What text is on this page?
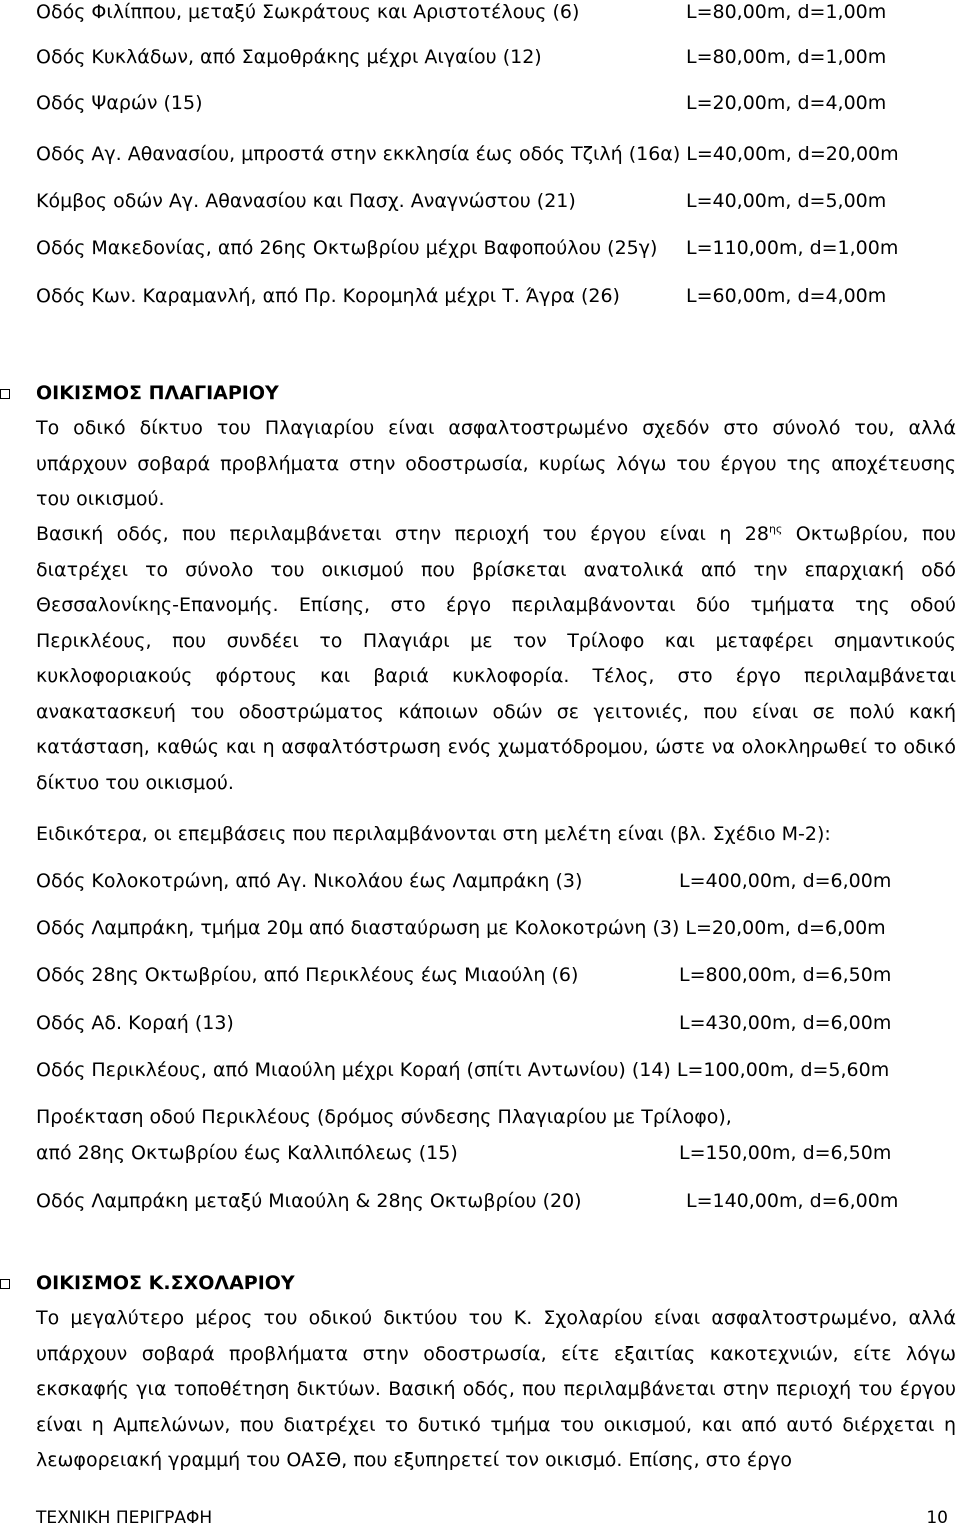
Οδός Φιλίππου, μεταξύ Σωκράτους και Αριστοτέλους (6)	L=80,00m, d=1,00m
Οδός Κυκλάδων, από Σαμοθράκης μέχρι Αιγαίου (12)	L=80,00m, d=1,00m
Οδός Ψαρών (15)	L=20,00m, d=4,00m
Οδός Αγ. Αθανασίου, μπροστά στην εκκλησία έως οδός Τζιλή (16α) L=40,00m, d=20,00m
Κόμβος οδών Αγ. Αθανασίου και Πασχ. Αναγνώστου (21)	L=40,00m, d=5,00m
Οδός Μακεδονίας, από 26ης Οκτωβρίου μέχρι Βαφοπούλου (25γ) L=110,00m, d=1,00m
Οδός Κων. Καραμανλή, από Πρ. Κορομηλά μέχρι Τ. Άγρα (26)	L=60,00m, d=4,00m
ΟΙΚΙΣΜΟΣ ΠΛΑΓΙΑΡΙΟΥ
Το οδικό δίκτυο του Πλαγιαρίου είναι ασφαλτοστρωμένο σχεδόν στο σύνολό του, αλλά υπάρχουν σοβαρά προβλήματα στην οδοστρωσία, κυρίως λόγω του έργου της αποχέτευσης του οικισμού.
Βασική οδός, που περιλαμβάνεται στην περιοχή του έργου είναι η $28^{\eta\varsigma}$ Οκτωβρίου, που διατρέχει το σύνολο του οικισμού που βρίσκεται ανατολικά από την επαρχιακή οδό Θεσσαλονίκης-Επανομής. Επίσης, στο έργο περιλαμβάνονται δύο τμήματα της οδού Περικλέους, που συνδέει το Πλαγιάρι με τον Τρίλοφο και μεταφέρει σημαντικούς κυκλοφοριακούς φόρτους και βαριά κυκλοφορία. Τέλος, στο έργο περιλαμβάνεται ανακατασκευή του οδοστρώματος κάποιων οδών σε γειτονιές, που είναι σε πολύ κακή κατάσταση, καθώς και η ασφαλτόστρωση ενός χωματόδρομου, ώστε να ολοκληρωθεί το οδικό δίκτυο του οικισμού.
Ειδικότερα, οι επεμβάσεις που περιλαμβάνονται στη μελέτη είναι (βλ. Σχέδιο Μ-2):
Οδός Κολοκοτρώνη, από Αγ. Νικολάου έως Λαμπράκη (3)	L=400,00m, d=6,00m
Οδός Λαμπράκη, τμήμα 20μ από διασταύρωση με Κολοκοτρώνη (3) L=20,00m, d=6,00m
Οδός 28ης Οκτωβρίου, από Περικλέους έως Μιαούλη (6)	L=800,00m, d=6,50m
Οδός Αδ. Κοραή (13)	L=430,00m, d=6,00m
Οδός Περικλέους, από Μιαούλη μέχρι Κοραή (σπίτι Αντωνίου) (14) L=100,00m, d=5,60m
Προέκταση οδού Περικλέους (δρόμος σύνδεσης Πλαγιαρίου με Τρίλοφο),
από 28ης Οκτωβρίου έως Καλλιπόλεως (15)	L=150,00m, d=6,50m
Οδός Λαμπράκη μεταξύ Μιαούλη & 28ης Οκτωβρίου (20)	L=140,00m, d=6,00m
ΟΙΚΙΣΜΟΣ Κ.ΣΧΟΛΑΡΙΟΥ
Το μεγαλύτερο μέρος του οδικού δικτύου του Κ. Σχολαρίου είναι ασφαλτοστρωμένο, αλλά υπάρχουν σοβαρά προβλήματα στην οδοστρωσία, είτε εξαιτίας κακοτεχνιών, είτε λόγω εκσκαφής για τοποθέτηση δικτύων. Βασική οδός, που περιλαμβάνεται στην περιοχή του έργου είναι η Αμπελώνων, που διατρέχει το δυτικό τμήμα του οικισμού, και από αυτό διέρχεται η λεωφορειακή γραμμή του ΟΑΣΘ, που εξυπηρετεί τον οικισμό. Επίσης, στο έργο
ΤΕΧΝΙΚΗ ΠΕΡΙΓΡΑΦΗ	10
